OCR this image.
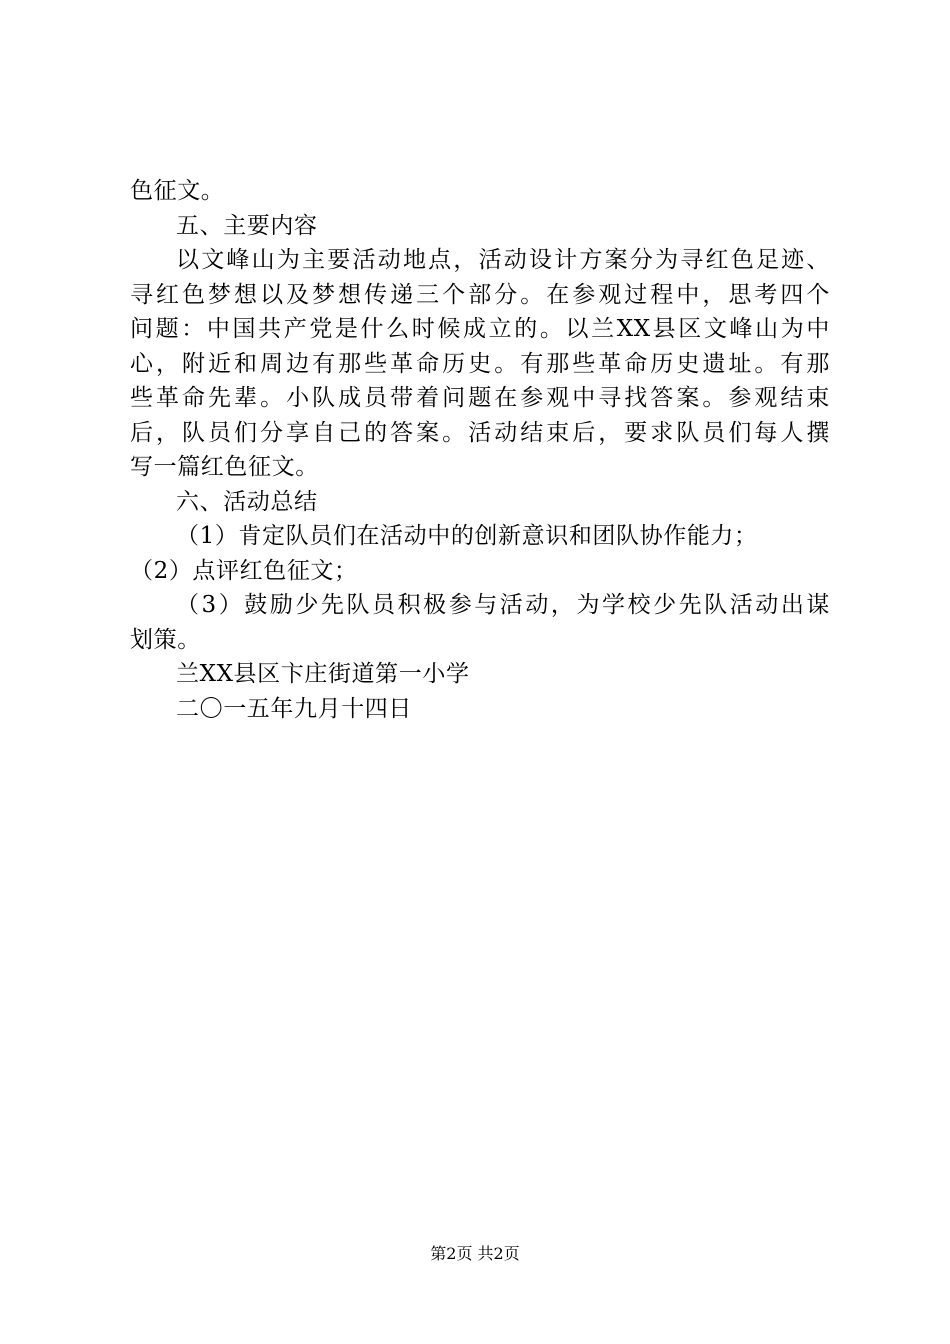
色征文。
五、主要内容
以文峰山为主要活动地点，活动设计方案分为寻红色足迹、
寻红色梦想以及梦想传递三个部分。在参观过程中，思考四个
问题：中国共产党是什么时候成立的。以兰XX县区文峰山为中
心，附近和周边有那些革命历史。有那些革命历史遗址。有那
些革命先辈。小队成员带着问题在参观中寻找答案。参观结束
后，队员们分享自己的答案。活动结束后，要求队员们每人撰
写一篇红色征文。
六、活动总结
（1）肯定队员们在活动中的创新意识和团队协作能力；
（2）点评红色征文；
（3）鼓励少先队员积极参与活动，为学校少先队活动出谋
划策。
兰XX县区卞庄街道第一小学
二〇一五年九月十四日
第2页 共2页
